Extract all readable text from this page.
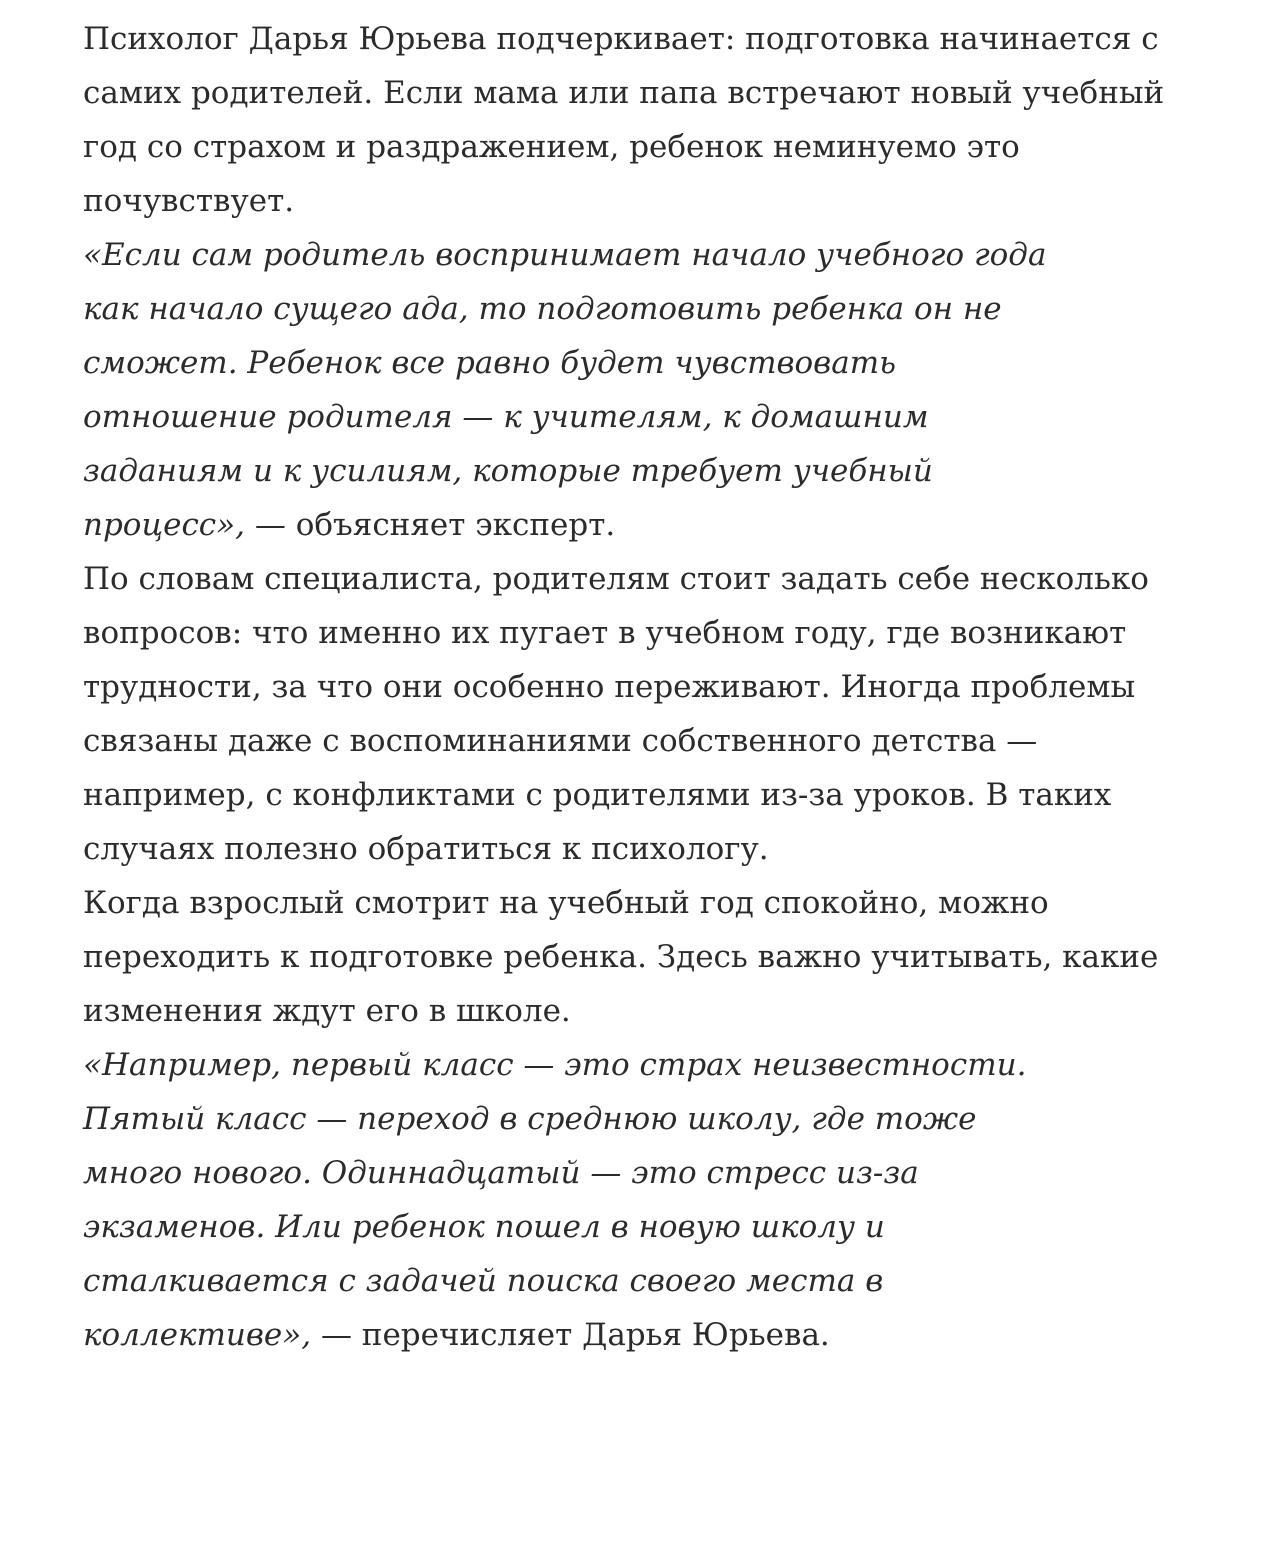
Психолог Дарья Юрьева подчеркивает: подготовка начинается с самих родителей. Если мама или папа встречают новый учебный год со страхом и раздражением, ребенок неминуемо это почувствует.

«Если сам родитель воспринимает начало учебного года как начало сущего ада, то подготовить ребенка он не сможет. Ребенок все равно будет чувствовать отношение родителя — к учителям, к домашним заданиям и к усилиям, которые требует учебный процесс», — объясняет эксперт.

По словам специалиста, родителям стоит задать себе несколько вопросов: что именно их пугает в учебном году, где возникают трудности, за что они особенно переживают. Иногда проблемы связаны даже с воспоминаниями собственного детства — например, с конфликтами с родителями из-за уроков. В таких случаях полезно обратиться к психологу.

Когда взрослый смотрит на учебный год спокойно, можно переходить к подготовке ребенка. Здесь важно учитывать, какие изменения ждут его в школе.

«Например, первый класс — это страх неизвестности. Пятый класс — переход в среднюю школу, где тоже много нового. Одиннадцатый — это стресс из-за экзаменов. Или ребенок пошел в новую школу и сталкивается с задачей поиска своего места в коллективе», — перечисляет Дарья Юрьева.
